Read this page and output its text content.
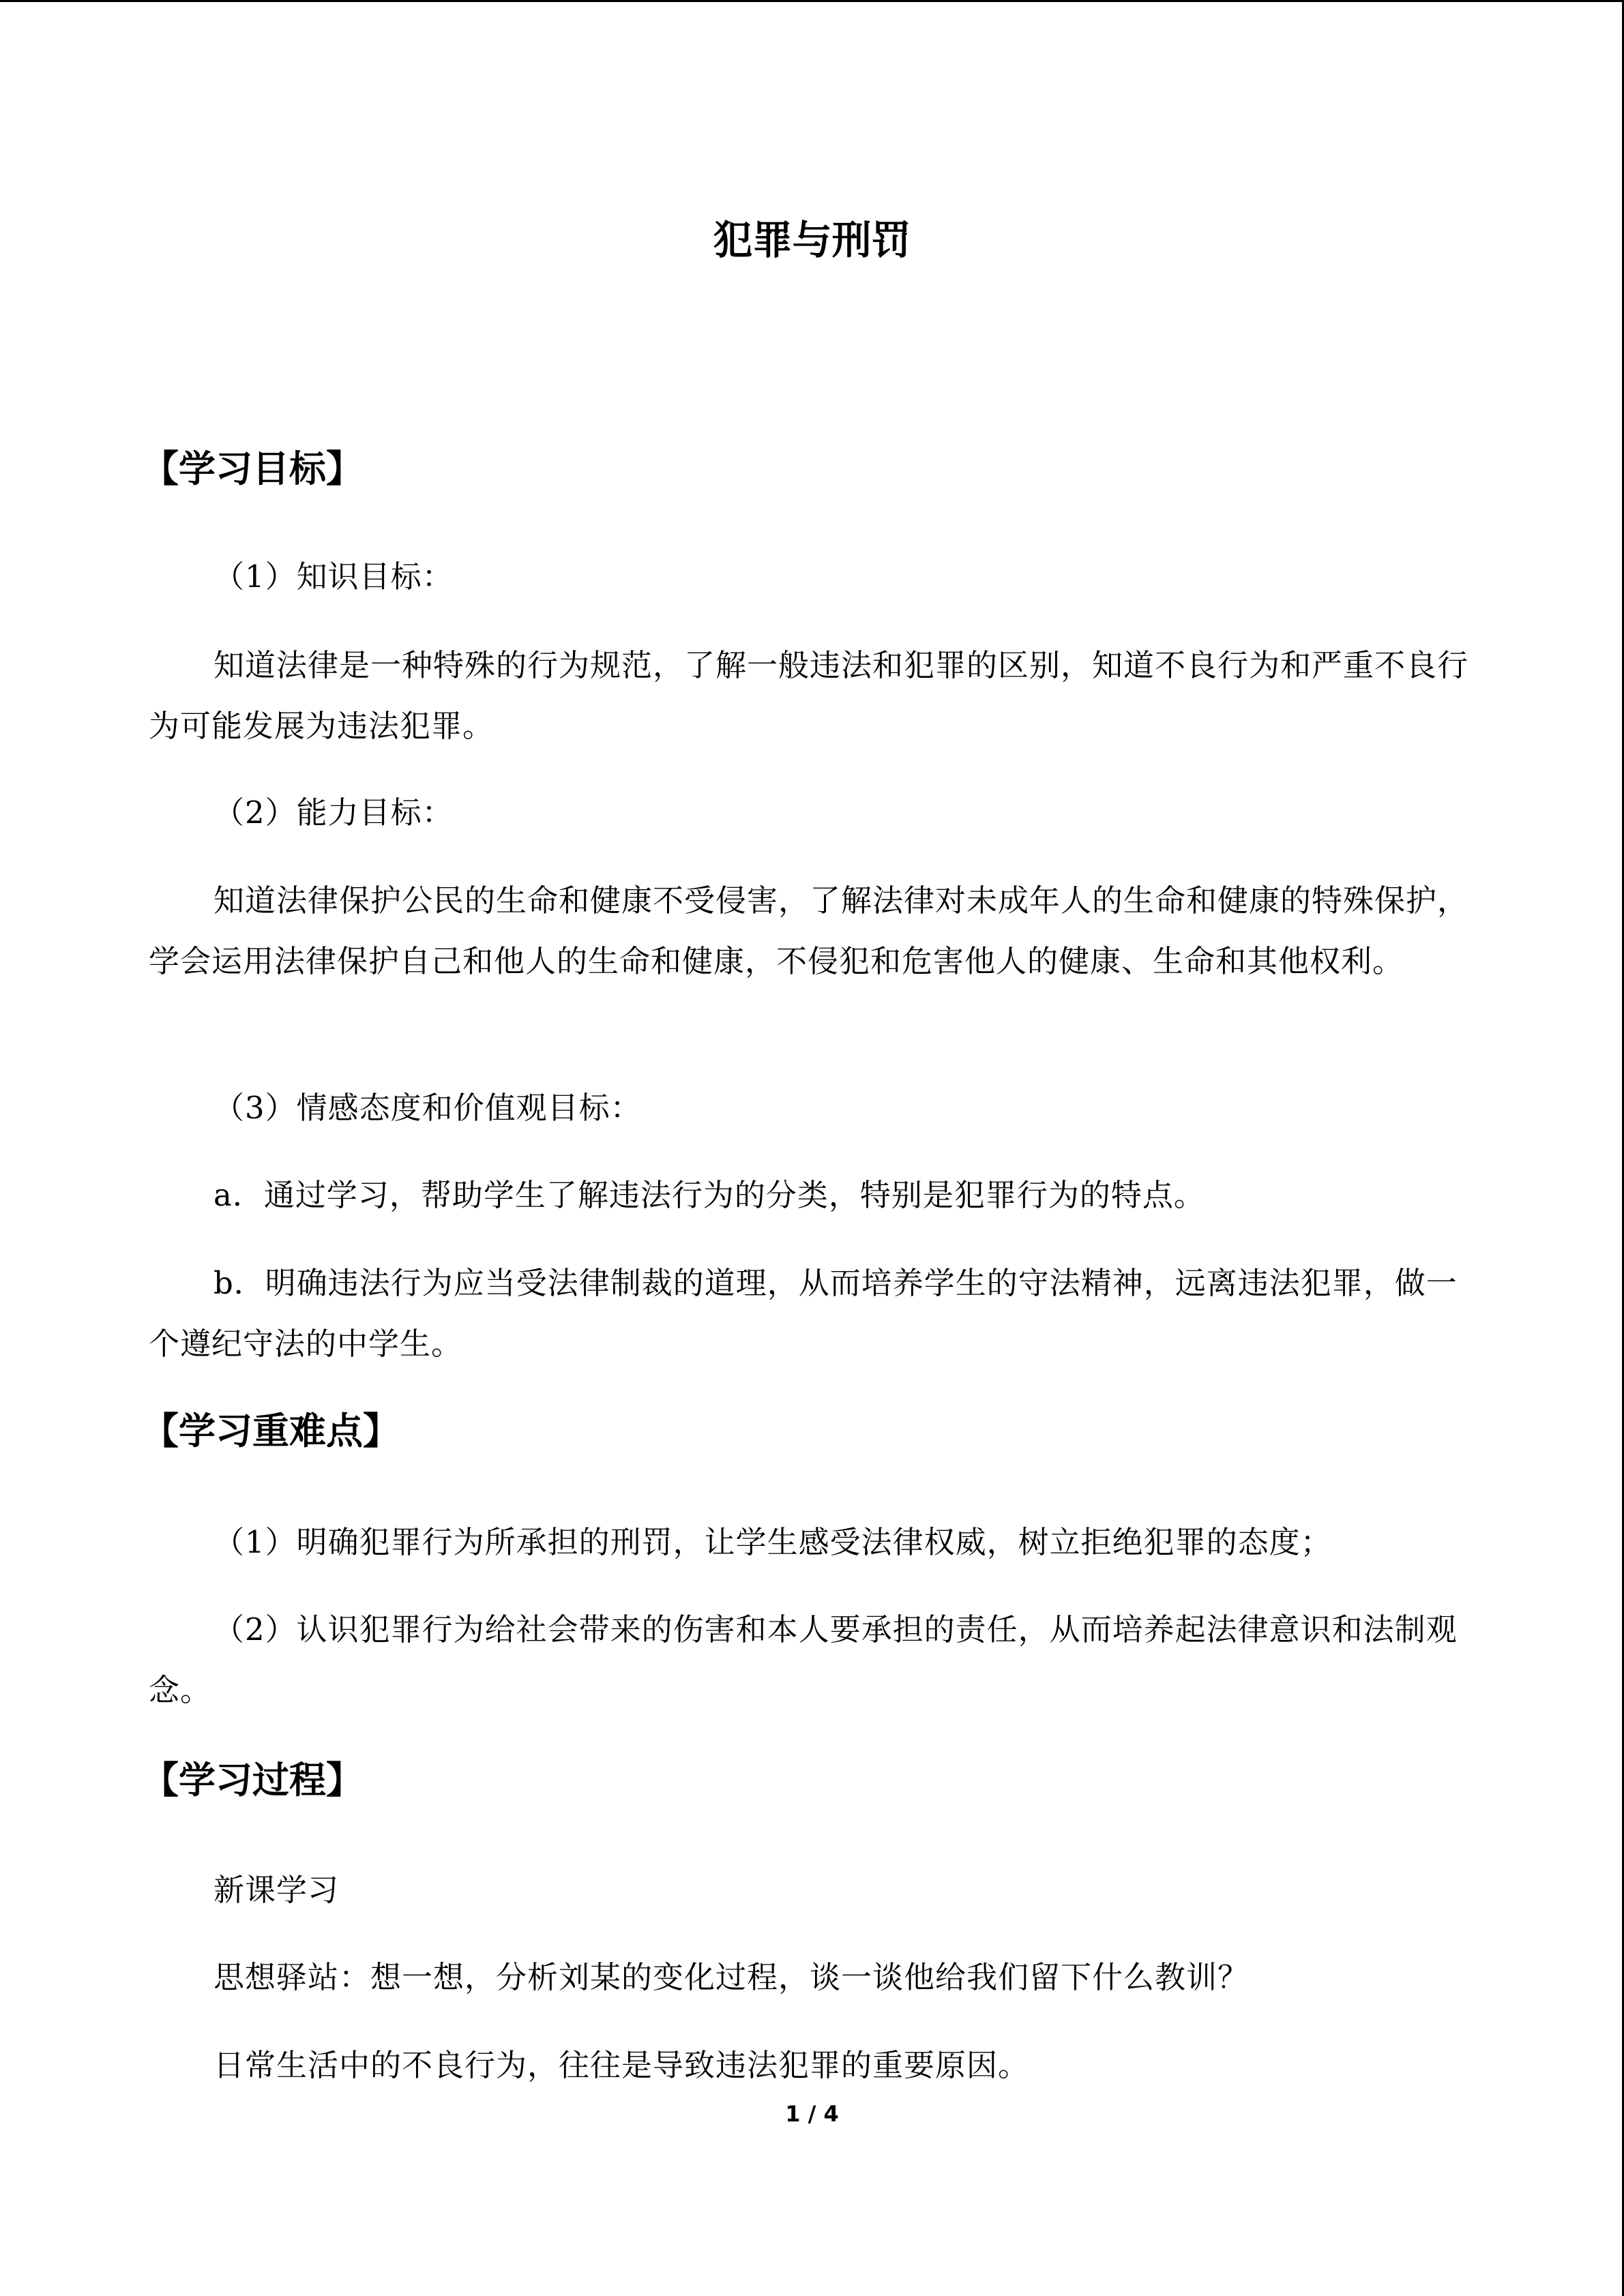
犯罪与刑罚
【学习目标】
（1）知识目标：
知道法律是一种特殊的行为规范，了解一般违法和犯罪的区别，知道不良行为和严重不良行为可能发展为违法犯罪。
（2）能力目标：
知道法律保护公民的生命和健康不受侵害，了解法律对未成年人的生命和健康的特殊保护，学会运用法律保护自己和他人的生命和健康，不侵犯和危害他人的健康、生命和其他权利。
（3）情感态度和价值观目标：
a．通过学习，帮助学生了解违法行为的分类，特别是犯罪行为的特点。
b．明确违法行为应当受法律制裁的道理，从而培养学生的守法精神，远离违法犯罪，做一个遵纪守法的中学生。
【学习重难点】
（1）明确犯罪行为所承担的刑罚，让学生感受法律权威，树立拒绝犯罪的态度；
（2）认识犯罪行为给社会带来的伤害和本人要承担的责任，从而培养起法律意识和法制观念。
【学习过程】
新课学习
思想驿站：想一想，分析刘某的变化过程，谈一谈他给我们留下什么教训？
日常生活中的不良行为，往往是导致违法犯罪的重要原因。
1 / 4
